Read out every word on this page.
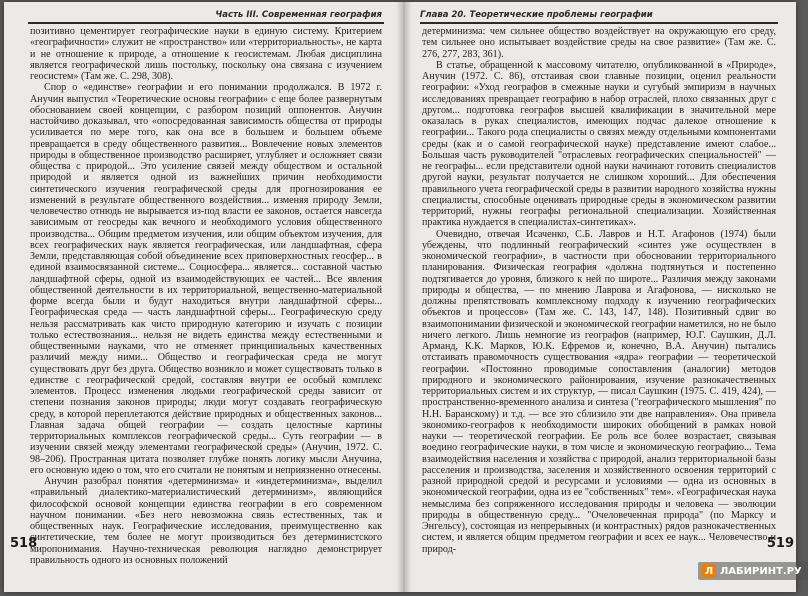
Часть III. Современная география

позитивно цементирует географические науки в единую систему. Критерием «географичности» служит не «пространство» или «территориальность», не карта и не отношение к природе, а отношение к геосистемам. Любая дисциплина является географической лишь постольку, поскольку она связана с изучением геосистем» (Там же. С. 298, 308).

Спор о «единстве» географии и его понимании продолжался. В 1972 г. Анучин выпустил «Теоретические основы географии» с еще более развернутым обоснованием своей концепции, с разбором позиций оппонентов. Анучин настойчиво доказывал, что «опосредованная зависимость общества от природы усиливается по мере того, как она все в большем и большем объеме превращается в среду общественного развития... Вовлечение новых элементов природы в общественное производство расширяет, углубляет и осложняет связи общества с природой... Это усиление связей между обществом и остальной природой и является одной из важнейших причин необходимости синтетического изучения географической среды для прогнозирования ее изменений в результате общественного воздействия... изменяя природу Земли, человечество отнюдь не вырывается из-под власти ее законов, остается навсегда зависимым от геосреды как вечного и необходимого условия общественного производства... Общим предметом изучения, или общим объектом изучения, для всех географических наук является географическая, или ландшафтная, сфера Земли, представляющая собой объединение всех приповерхностных геосфер... в единой взаимосвязанной системе... Социосфера... является... составной частью ландшафтной сферы, одной из взаимодействующих ее частей... Все явления общественной деятельности в их территориальной, вещественно-материальной форме всегда были и будут находиться внутри ландшафтной сферы... Географическая среда — часть ландшафтной сферы... Географическую среду нельзя рассматривать как чисто природную категорию и изучать с позиции только естествознания... нельзя не видеть единства между естественными и общественными науками, что не отменяет принципиальных качественных различий между ними... Общество и географическая среда не могут существовать друг без друга. Общество возникло и может существовать только в единстве с географической средой, составляя внутри ее особый комплекс элементов. Процесс изменения людьми географической среды зависит от степени познания законов природы; люди могут создавать географическую среду, в которой переплетаются действие природных и общественных законов... Главная задача общей географии — создать целостные картины территориальных комплексов географической среды... Суть географии — в изучении связей между элементами географической среды» (Анучин, 1972. С. 98–206). Пространная цитата позволяет глубже понять логику мысли Анучина, его основную идею о том, что его считали не понятым и неприязненно отнесены.

Анучин разобрал понятия «детерминизма» и «индетерминизма», выделил «правильный диалектико-материалистический детерминизм», являющийся философской основой концепции единства географии в его современном научном понимании. «Без него невозможна связь естественных, так и общественных наук. Географические исследования, преимущественно как синтетические, тем более не могут производиться без детерминистского миропонимания. Научно-техническая революция наглядно демонстрирует правильность одного из основных положений

518
Глава 20. Теоретические проблемы географии

детерминизма: чем сильнее общество воздействует на окружающую его среду, тем сильнее оно испытывает воздействие среды на свое развитие» (Там же. С. 276, 277, 283, 361).

В статье, обращенной к массовому читателю, опубликованной в «Природе», Анучин (1972. С. 86), отстаивая свои главные позиции, оценил реальности географии: «Уход географов в смежные науки и сугубый эмпиризм в научных исследованиях превращает географию в набор отраслей, плохо связанных друг с другом... подготовка географов высшей квалификации в значительной мере оказалась в руках специалистов, имеющих подчас далекое отношение к географии... Такого рода специалисты о связях между отдельными компонентами среды (как и о самой географической науке) представление имеют слабое... Большая часть руководителей "отраслевых географических специальностей" — не географы... если представители одной науки начинают готовить специалистов другой науки, результат получается не слишком хороший... Для обеспечения правильного учета географической среды в развитии народного хозяйства нужны специалисты, способные оценивать природные среды в экономическом развитии территорий, нужны географы региональной специализации. Хозяйственная практика нуждается в специалистах-синтетиках».

Очевидно, отвечая Исаченко, С.Б. Лавров и Н.Т. Агафонов (1974) были убеждены, что подлинный географический «синтез уже осуществлен в экономической географии», в частности при обосновании территориального планирования. Физическая география «должна подтянуться и постепенно подтягивается до уровня, близкого к ней по широте... Различия между законами природы и общества, — по мнению Лаврова и Агафонова, — нисколько не должны препятствовать комплексному подходу к изучению географических объектов и процессов» (Там же. С. 143, 147, 148). Позитивный сдвиг во взаимопонимании физической и экономической географии наметился, но не было ничего легкого. Лишь немногие из географов (например, Ю.Г. Саушкин, Д.Л. Арманд, К.К. Марков, Ю.К. Ефремов и, конечно, В.А. Анучин) пытались отстаивать правомочность существования «ядра» географии — теоретической географии. «Постоянно проводимые сопоставления (аналогии) методов природного и экономического районирования, изучение разнокачественных территориальных систем и их структур, — писал Саушкин (1975. С. 419, 424), — пространственно-временного анализа и синтеза ("географического мышления" по Н.Н. Баранскому) и т.д. — все это сблизило эти две направления». Она привела экономико-географов к необходимости широких обобщений в рамках новой науки — теоретической географии. Ее роль все более возрастает, связывая воедино географические науки, в том числе и экономическую географию... Тема взаимодействия населения и хозяйства с природой, анализ территориальной базы расселения и производства, заселения и хозяйственного освоения территорий с разной природной средой и ресурсами и условиями — одна из основных в экономической географии, одна из ее "собственных" тем». «Географическая наука немыслима без сопряженного исследования природы и человека — эволюции природы в общественную среду... "Очеловеченная природа" (по Марксу и Энгельсу), состоящая из непрерывных (и контрастных) рядов разнокачественных систем, и является общим предметом географии и всех ее наук... Человечество и природ-	519
Л ЛАБИРИНТ.РУ
